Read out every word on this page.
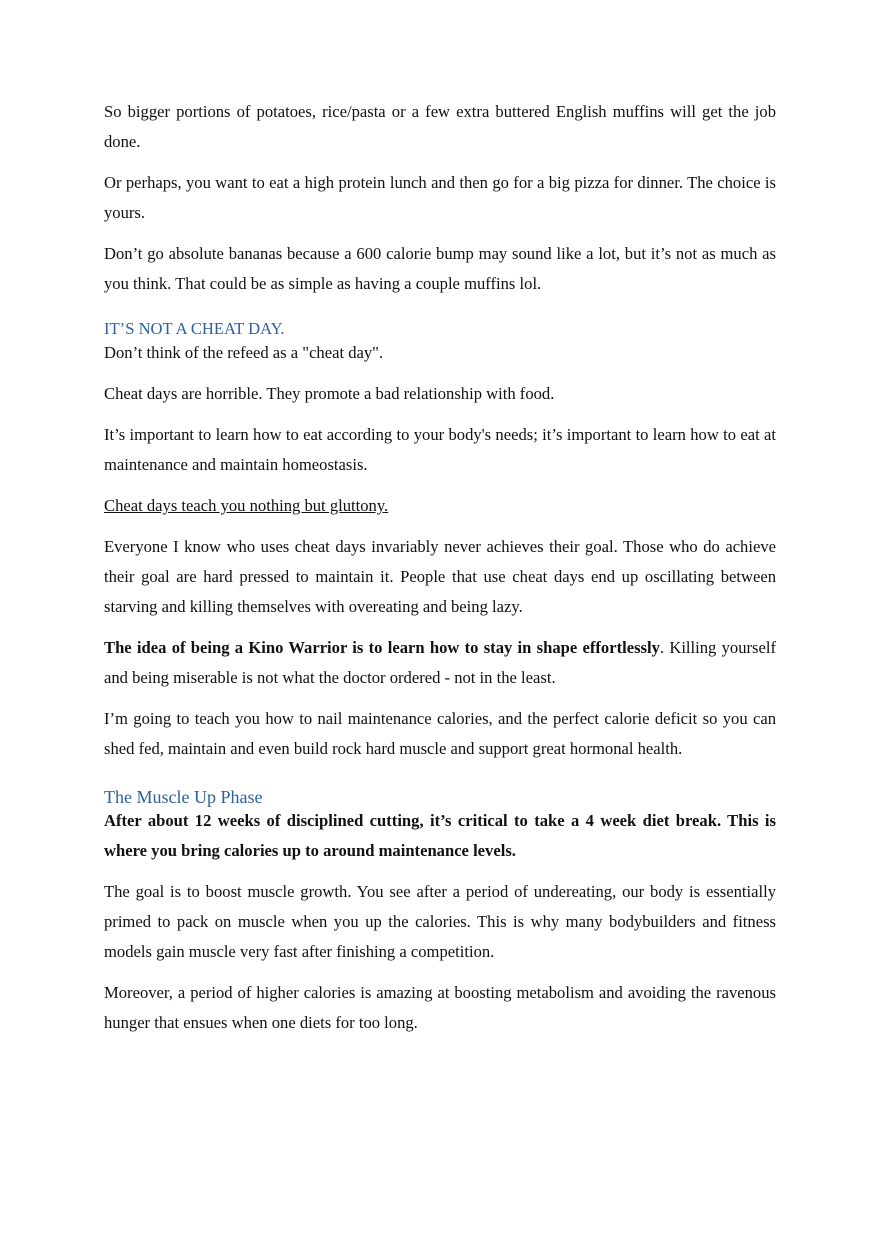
So bigger portions of potatoes, rice/pasta or a few extra buttered English muffins will get the job done.

Or perhaps, you want to eat a high protein lunch and then go for a big pizza for dinner. The choice is yours.

Don’t go absolute bananas because a 600 calorie bump may sound like a lot, but it’s not as much as you think. That could be as simple as having a couple muffins lol.

IT’S NOT A CHEAT DAY.

Don’t think of the refeed as a "cheat day".

Cheat days are horrible. They promote a bad relationship with food.

It’s important to learn how to eat according to your body's needs; it’s important to learn how to eat at maintenance and maintain homeostasis.

Cheat days teach you nothing but gluttony.

Everyone I know who uses cheat days invariably never achieves their goal. Those who do achieve their goal are hard pressed to maintain it. People that use cheat days end up oscillating between starving and killing themselves with overeating and being lazy.

The idea of being a Kino Warrior is to learn how to stay in shape effortlessly. Killing yourself and being miserable is not what the doctor ordered - not in the least.

I’m going to teach you how to nail maintenance calories, and the perfect calorie deficit so you can shed fed, maintain and even build rock hard muscle and support great hormonal health.

The Muscle Up Phase

After about 12 weeks of disciplined cutting, it’s critical to take a 4 week diet break. This is where you bring calories up to around maintenance levels.

The goal is to boost muscle growth. You see after a period of undereating, our body is essentially primed to pack on muscle when you up the calories. This is why many bodybuilders and fitness models gain muscle very fast after finishing a competition.

Moreover, a period of higher calories is amazing at boosting metabolism and avoiding the ravenous hunger that ensues when one diets for too long.
